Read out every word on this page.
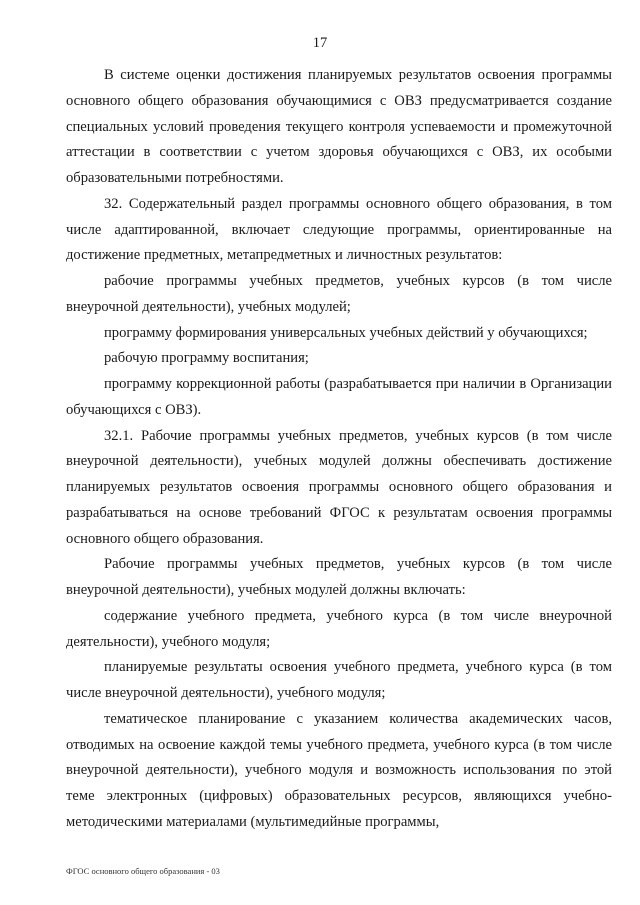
17

В системе оценки достижения планируемых результатов освоения программы основного общего образования обучающимися с ОВЗ предусматривается создание специальных условий проведения текущего контроля успеваемости и промежуточной аттестации в соответствии с учетом здоровья обучающихся с ОВЗ, их особыми образовательными потребностями.

32. Содержательный раздел программы основного общего образования, в том числе адаптированной, включает следующие программы, ориентированные на достижение предметных, метапредметных и личностных результатов:

рабочие программы учебных предметов, учебных курсов (в том числе внеурочной деятельности), учебных модулей;

программу формирования универсальных учебных действий у обучающихся;

рабочую программу воспитания;

программу коррекционной работы (разрабатывается при наличии в Организации обучающихся с ОВЗ).

32.1. Рабочие программы учебных предметов, учебных курсов (в том числе внеурочной деятельности), учебных модулей должны обеспечивать достижение планируемых результатов освоения программы основного общего образования и разрабатываться на основе требований ФГОС к результатам освоения программы основного общего образования.

Рабочие программы учебных предметов, учебных курсов (в том числе внеурочной деятельности), учебных модулей должны включать:

содержание учебного предмета, учебного курса (в том числе внеурочной деятельности), учебного модуля;

планируемые результаты освоения учебного предмета, учебного курса (в том числе внеурочной деятельности), учебного модуля;

тематическое планирование с указанием количества академических часов, отводимых на освоение каждой темы учебного предмета, учебного курса (в том числе внеурочной деятельности), учебного модуля и возможность использования по этой теме электронных (цифровых) образовательных ресурсов, являющихся учебно-методическими материалами (мультимедийные программы,

ФГОС основного общего образования - 03
